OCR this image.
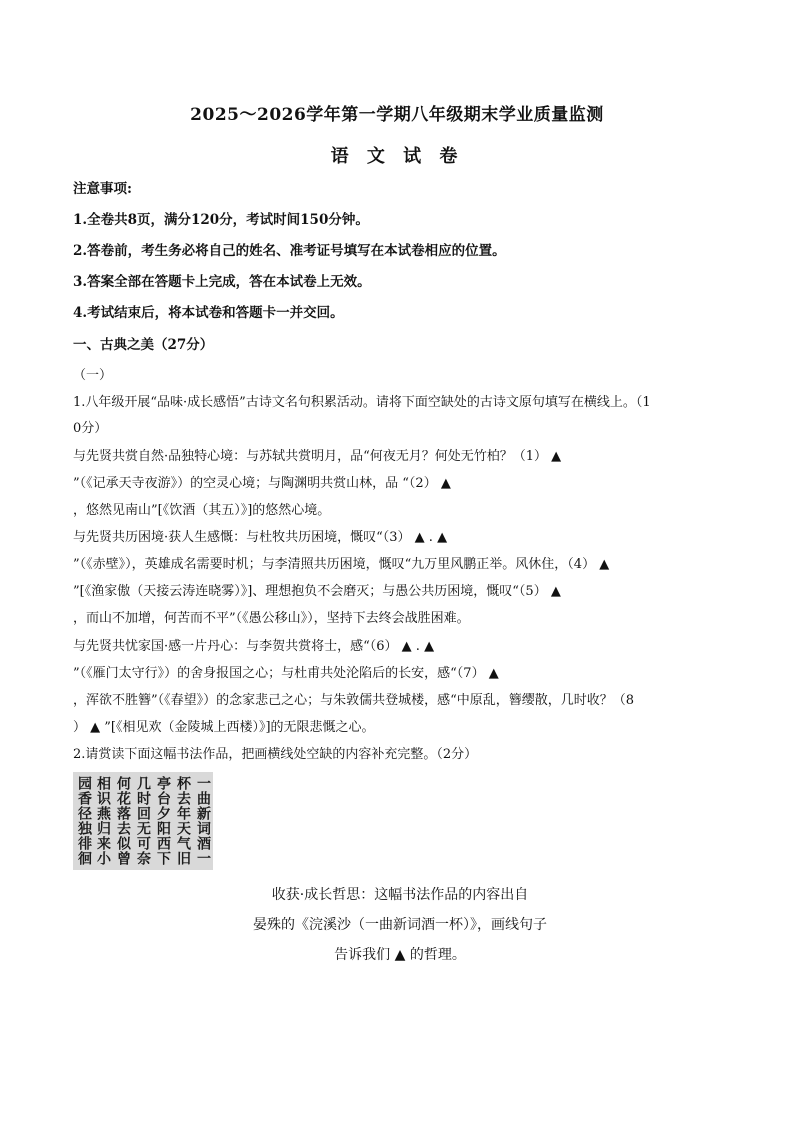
2025～2026学年第一学期八年级期末学业质量监测
语 文 试 卷
注意事项:
1.全卷共8页，满分120分，考试时间150分钟。
2.答卷前，考生务必将自己的姓名、准考证号填写在本试卷相应的位置。
3.答案全部在答题卡上完成，答在本试卷上无效。
4.考试结束后，将本试卷和答题卡一并交回。
一、古典之美（27分）
（一）
1.八年级开展“品味·成长感悟”古诗文名句积累活动。请将下面空缺处的古诗文原句填写在横线上。（1
0分）
与先贤共赏自然·品独特心境：与苏轼共赏明月，品“何夜无月？何处无竹柏？（1） ▲
”（《记承天寺夜游》）的空灵心境；与陶渊明共赏山林，品 “（2） ▲
，悠然见南山”[《饮酒（其五）》]的悠然心境。
与先贤共历困境·获人生感慨：与杜牧共历困境，慨叹“（3） ▲ . ▲
”（《赤壁》），英雄成名需要时机；与李清照共历困境，慨叹“九万里风鹏正举。风休住，（4） ▲
”[《渔家傲（天接云涛连晓雾）》]、理想抱负不会磨灭；与愚公共历困境，慨叹“（5） ▲
，而山不加增，何苦而不平”（《愚公移山》），坚持下去终会战胜困难。
与先贤共忧家国·感一片丹心：与李贺共赏将士，感“（6） ▲ . ▲
”（《雁门太守行》）的舍身报国之心；与杜甫共处沦陷后的长安，感“（7） ▲
，浑欲不胜簪”（《春望》）的念家悲己之心；与朱敦儒共登城楼，感“中原乱，簪缨散，几时收？（8
） ▲ ”[《相见欢（金陵城上西楼）》]的无限悲慨之心。
2.请赏读下面这幅书法作品，把画横线处空缺的内容补充完整。（2分）
一曲新词酒一
杯去年天气旧
亭台夕阳西下
几时回无可奈
何花落去似曾
相识燕归来小
园香径独徘徊
收获·成长哲思：这幅书法作品的内容出自
晏殊的《浣溪沙（一曲新词酒一杯）》，画线句子
告诉我们 ▲ 的哲理。
